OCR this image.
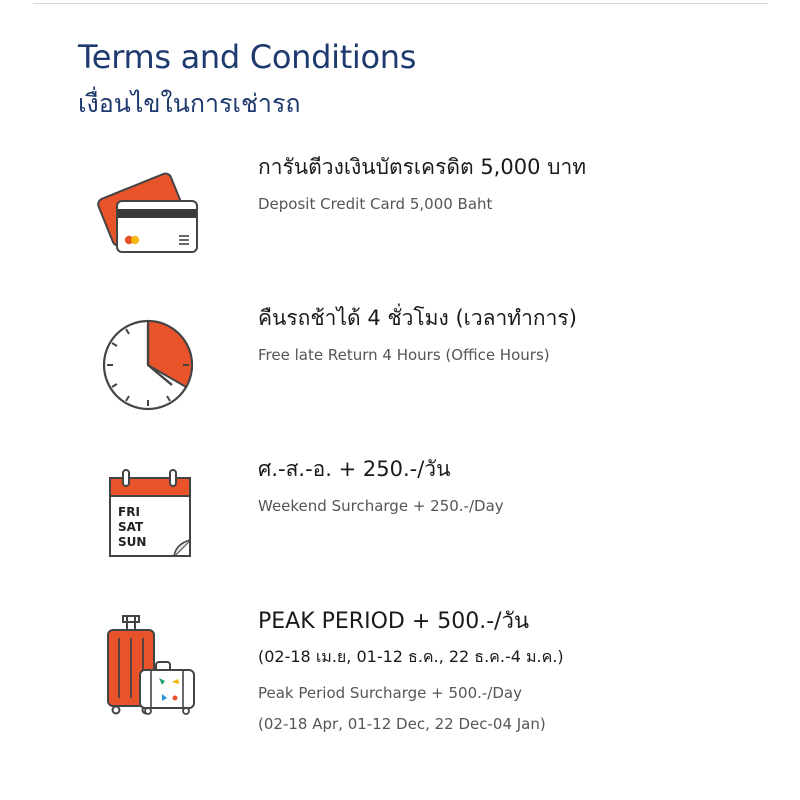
Terms and Conditions
เงื่อนไขในการเช่ารถ
การันตีวงเงินบัตรเครดิต 5,000 บาท
Deposit Credit Card 5,000 Baht
คืนรถช้าได้ 4 ชั่วโมง (เวลาทำการ)
Free late Return 4 Hours (Office Hours)
FRI
SAT
SUN
ศ.-ส.-อ. + 250.-/วัน
Weekend Surcharge + 250.-/Day
PEAK PERIOD + 500.-/วัน
(02-18 เม.ย, 01-12 ธ.ค., 22 ธ.ค.-4 ม.ค.)
Peak Period Surcharge + 500.-/Day
(02-18 Apr, 01-12 Dec, 22 Dec-04 Jan)
